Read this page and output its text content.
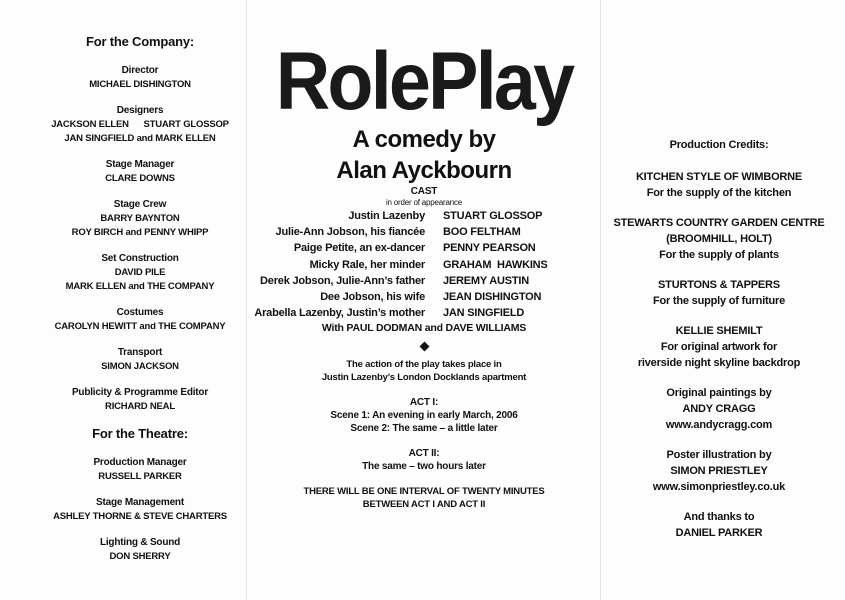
For the Company:

Director

MICHAEL DISHINGTON

Designers

JACKSON ELLEN      STUART GLOSSOP

JAN SINGFIELD and MARK ELLEN

Stage Manager

CLARE DOWNS

Stage Crew

BARRY BAYNTON

ROY BIRCH and PENNY WHIPP

Set Construction

DAVID PILE

MARK ELLEN and THE COMPANY

Costumes

CAROLYN HEWITT and THE COMPANY

Transport

SIMON JACKSON

Publicity & Programme Editor

RICHARD NEAL

For the Theatre:

Production Manager

RUSSELL PARKER

Stage Management

ASHLEY THORNE & STEVE CHARTERS

Lighting & Sound

DON SHERRY

RolePlay

A comedy by

Alan Ayckbourn

CAST

in order of appearance

Justin Lazenby	STUART GLOSSOP
Julie-Ann Jobson, his fiancée	BOO FELTHAM
Paige Petite, an ex-dancer	PENNY PEARSON
Micky Rale, her minder	GRAHAM  HAWKINS
Derek Jobson, Julie-Ann’s father	JEREMY AUSTIN
Dee Jobson, his wife	JEAN DISHINGTON
Arabella Lazenby, Justin’s mother	JAN SINGFIELD

With PAUL DODMAN and DAVE WILLIAMS

The action of the play takes place in

Justin Lazenby’s London Docklands apartment

ACT I:

Scene 1: An evening in early March, 2006

Scene 2: The same – a little later

ACT II:

The same – two hours later

THERE WILL BE ONE INTERVAL OF TWENTY MINUTES

BETWEEN ACT I AND ACT II

Production Credits:

KITCHEN STYLE OF WIMBORNE

For the supply of the kitchen

STEWARTS COUNTRY GARDEN CENTRE

(BROOMHILL, HOLT)

For the supply of plants

STURTONS & TAPPERS

For the supply of furniture

KELLIE SHEMILT

For original artwork for

riverside night skyline backdrop

Original paintings by

ANDY CRAGG

www.andycragg.com

Poster illustration by

SIMON PRIESTLEY

www.simonpriestley.co.uk

And thanks to

DANIEL PARKER
